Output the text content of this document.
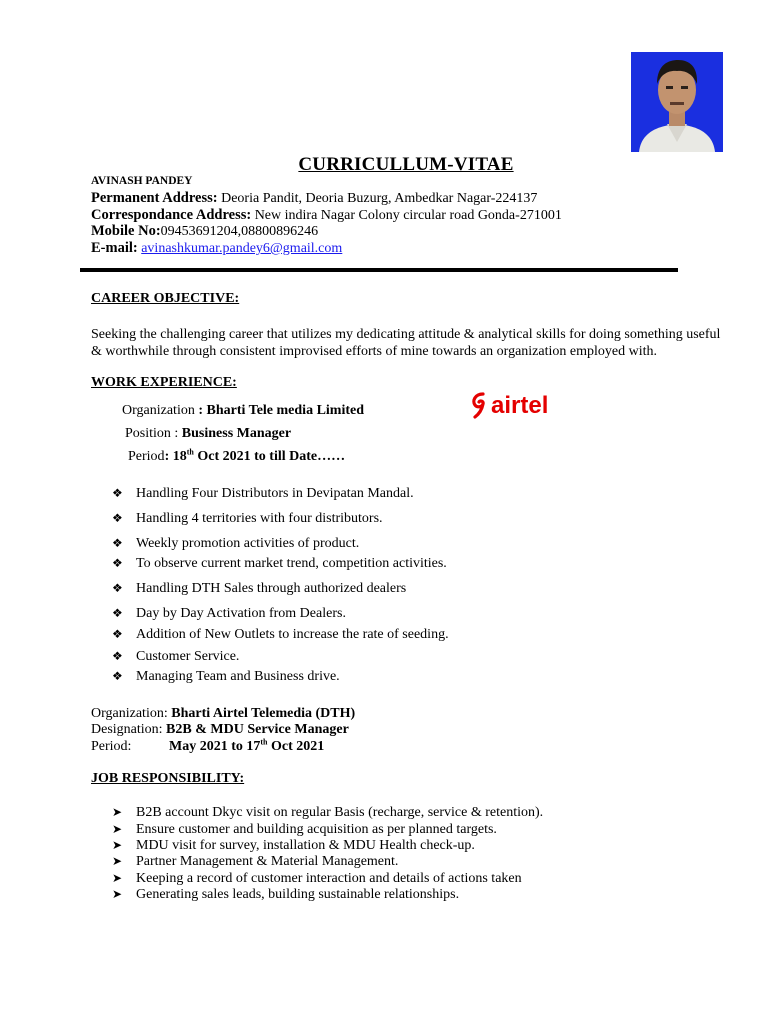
CURRICULLUM-VITAE
AVINASH PANDEY
Permanent Address: Deoria Pandit, Deoria Buzurg, Ambedkar Nagar-224137
Correspondance Address: New indira Nagar Colony circular road Gonda-271001
Mobile No:09453691204,08800896246
E-mail: avinashkumar.pandey6@gmail.com
CAREER OBJECTIVE:
Seeking the challenging career that utilizes my dedicating attitude & analytical skills for doing something useful & worthwhile through consistent improvised efforts of mine towards an organization employed with.
WORK EXPERIENCE:
Organization : Bharti Tele media Limited
Position : Business Manager
Period: 18th Oct 2021 to till Date……
airtel
❖ Handling Four Distributors in Devipatan Mandal.
❖ Handling 4 territories with four distributors.
❖ Weekly promotion activities of product.
❖ To observe current market trend, competition activities.
❖ Handling DTH Sales through authorized dealers
❖ Day by Day Activation from Dealers.
❖ Addition of New Outlets to increase the rate of seeding.
❖ Customer Service.
❖ Managing Team and Business drive.
Organization: Bharti Airtel Telemedia (DTH)
Designation: B2B & MDU Service Manager
Period:	May 2021 to 17th Oct 2021
JOB RESPONSIBILITY:
➤ B2B account Dkyc visit on regular Basis (recharge, service & retention).
➤ Ensure customer and building acquisition as per planned targets.
➤ MDU visit for survey, installation & MDU Health check-up.
➤ Partner Management & Material Management.
➤ Keeping a record of customer interaction and details of actions taken
➤ Generating sales leads, building sustainable relationships.
